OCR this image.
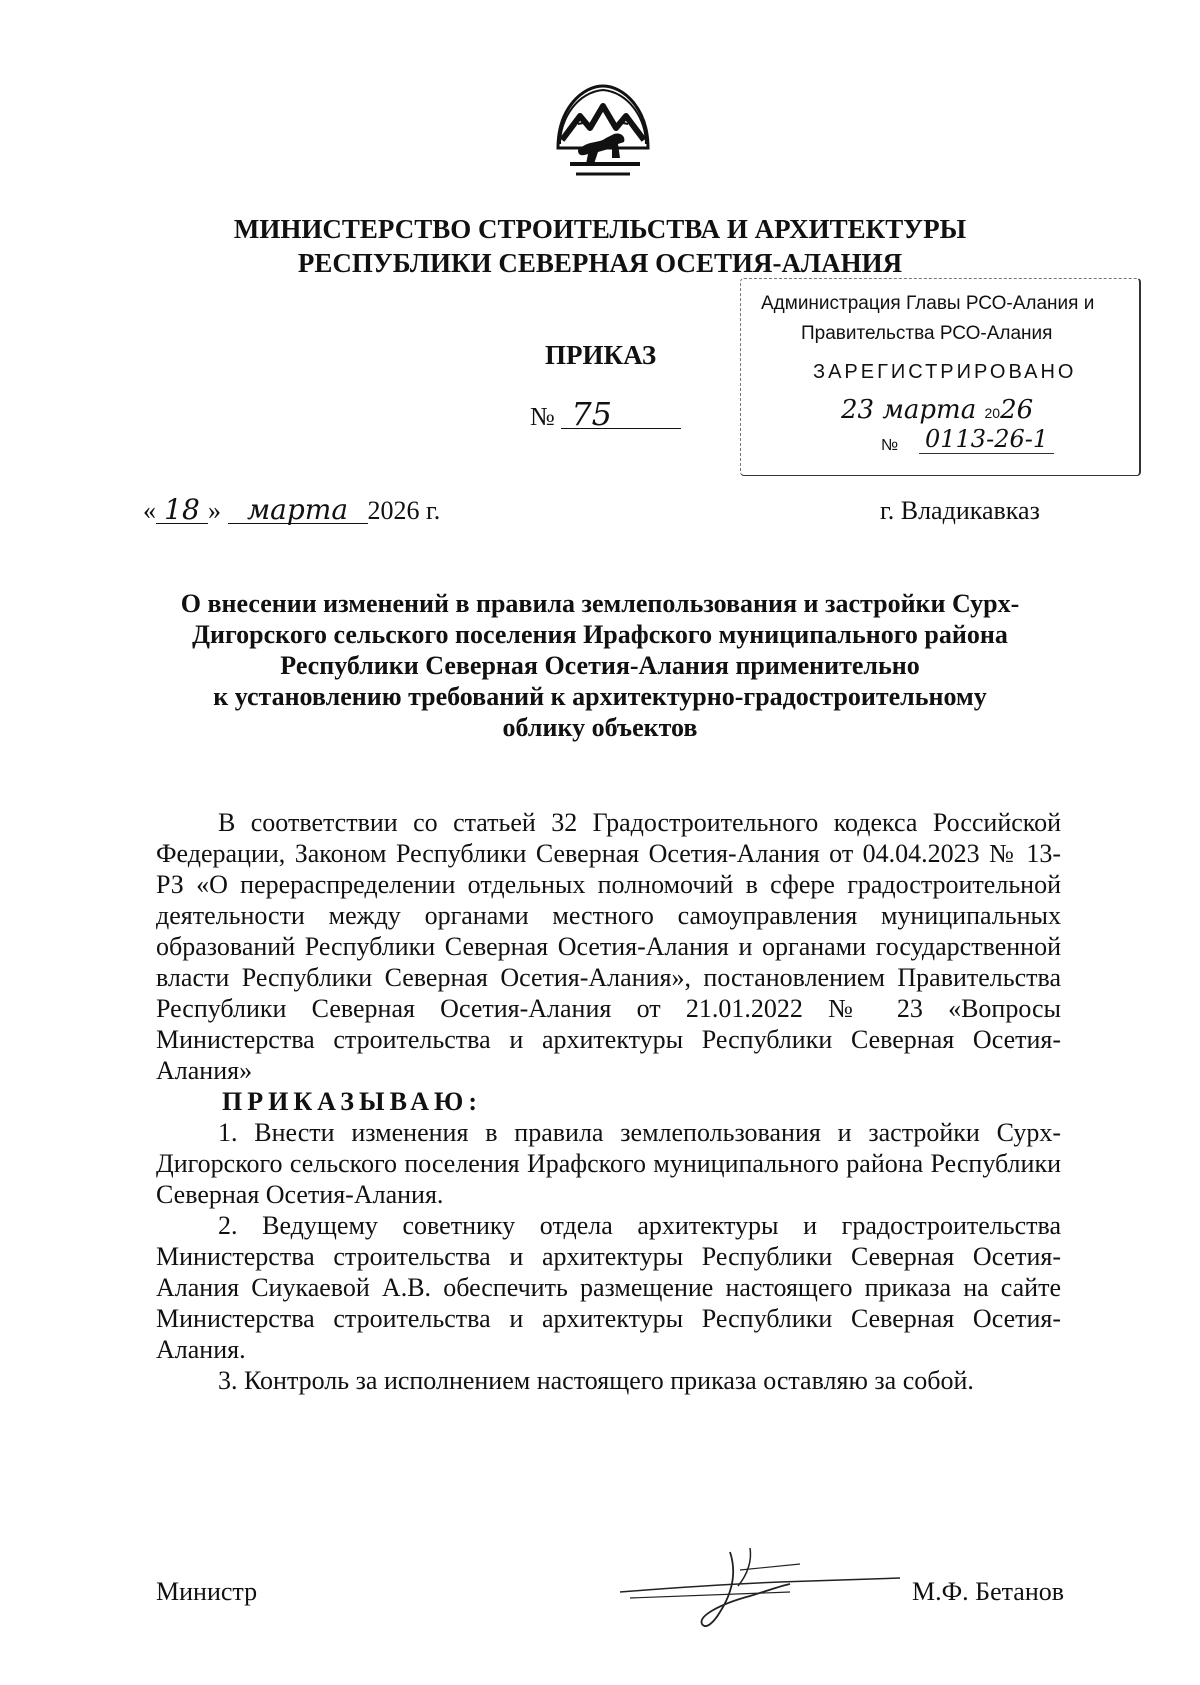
МИНИСТЕРСТВО СТРОИТЕЛЬСТВА И АРХИТЕКТУРЫ
РЕСПУБЛИКИ СЕВЕРНАЯ ОСЕТИЯ-АЛАНИЯ
Администрация Главы РСО-Алания и
Правительства РСО-Алания
ЗАРЕГИСТРИРОВАНО
23 марта 2026
№ 0113-26-1
ПРИКАЗ
№ 75
« 18 » марта 2026 г.	г. Владикавказ
О внесении изменений в правила землепользования и застройки Сурх-
Дигорского сельского поселения Ирафского муниципального района
Республики Северная Осетия-Алания применительно
к установлению требований к архитектурно-градостроительному
облику объектов

В соответствии со статьей 32 Градостроительного кодекса Российской Федерации, Законом Республики Северная Осетия-Алания от 04.04.2023 № 13-РЗ «О перераспределении отдельных полномочий в сфере градостроительной деятельности между органами местного самоуправления муниципальных образований Республики Северная Осетия-Алания и органами государственной власти Республики Северная Осетия-Алания», постановлением Правительства Республики Северная Осетия-Алания от 21.01.2022 № 23 «Вопросы Министерства строительства и архитектуры Республики Северная Осетия-Алания»

ПРИКАЗЫВАЮ:

1. Внести изменения в правила землепользования и застройки Сурх-Дигорского сельского поселения Ирафского муниципального района Республики Северная Осетия-Алания.

2. Ведущему советнику отдела архитектуры и градостроительства Министерства строительства и архитектуры Республики Северная Осетия-Алания Сиукаевой А.В. обеспечить размещение настоящего приказа на сайте Министерства строительства и архитектуры Республики Северная Осетия-Алания.

3. Контроль за исполнением настоящего приказа оставляю за собой.

Министр	М.Ф. Бетанов
